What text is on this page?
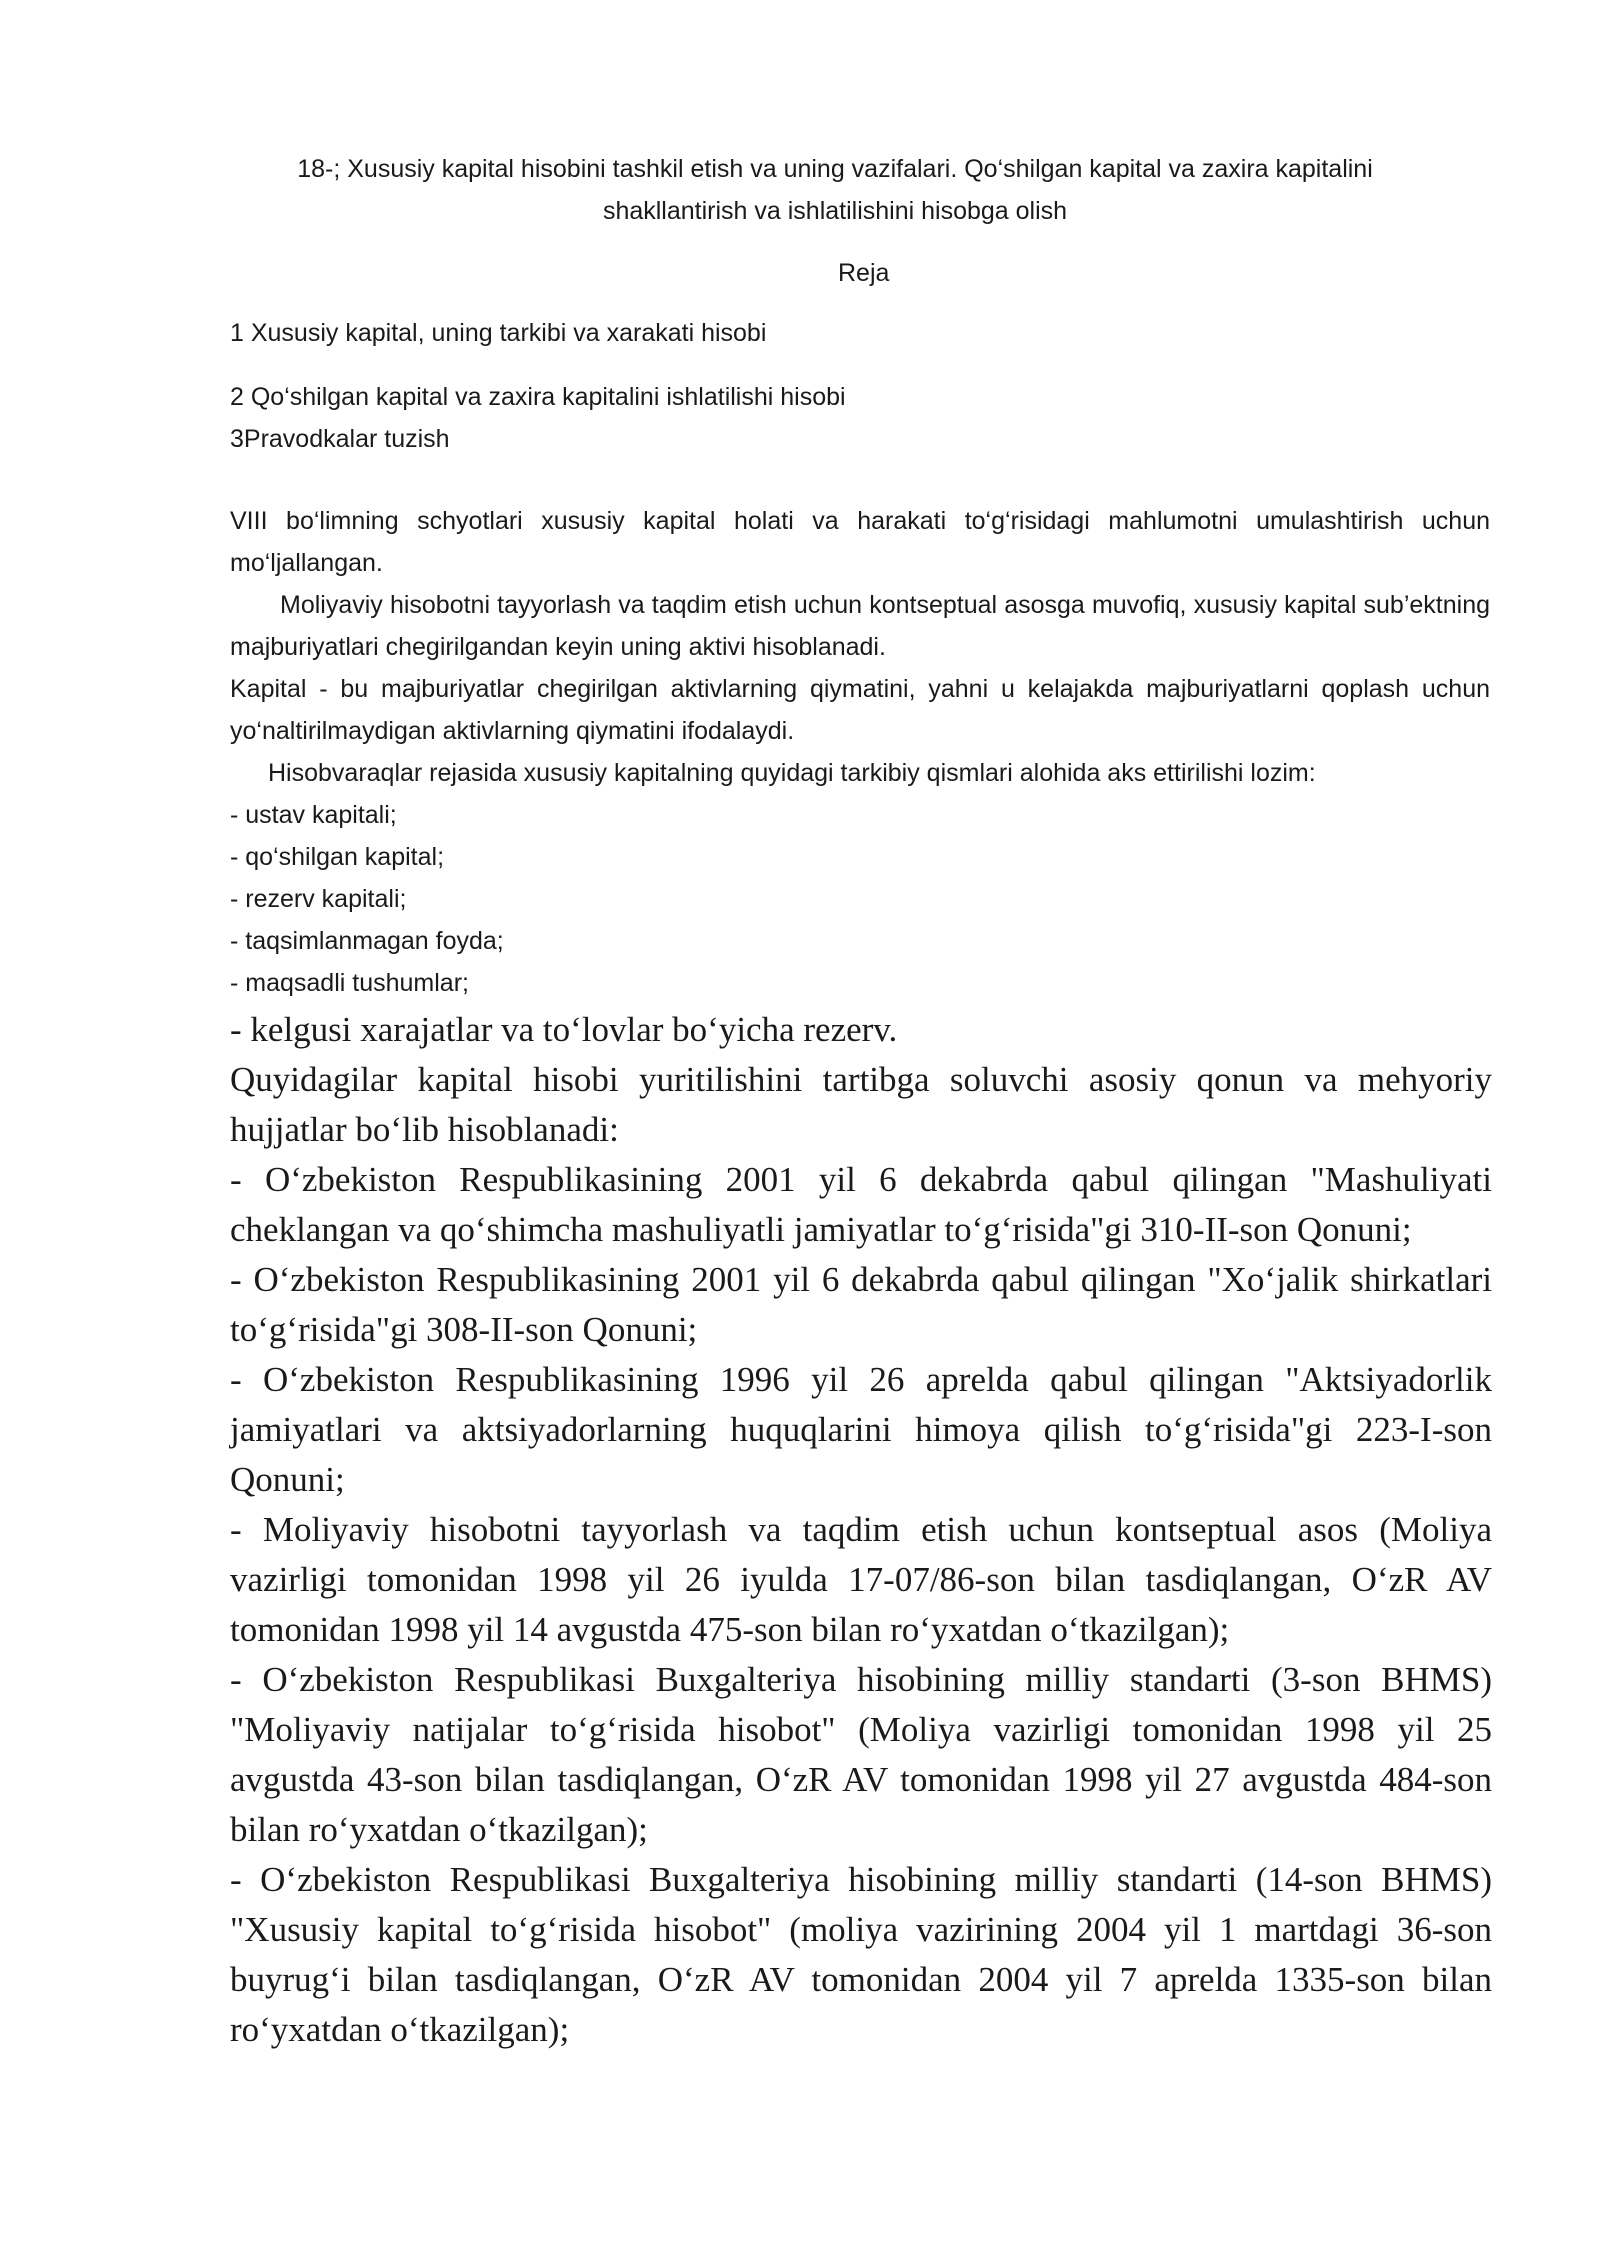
18-; Xususiy kapital hisobini tashkil etish va uning vazifalari. Qo‘shilgan kapital va zaxira kapitalini shakllantirish va ishlatilishini hisobga olish
Reja
1 Xususiy kapital, uning tarkibi va xarakati hisobi
2 Qo‘shilgan kapital va zaxira kapitalini ishlatilishi hisobi
3Pravodkalar tuzish

VIII bo‘limning schyotlari xususiy kapital holati va harakati to‘g‘risidagi mahlumotni umulashtirish uchun mo‘ljallangan.

Moliyaviy hisobotni tayyorlash va taqdim etish uchun kontseptual asosga muvofiq, xususiy kapital sub’ektning majburiyatlari chegirilgandan keyin uning aktivi hisoblanadi.

Kapital - bu majburiyatlar chegirilgan aktivlarning qiymatini, yahni u kelajakda majburiyatlarni qoplash uchun yo‘naltirilmaydigan aktivlarning qiymatini ifodalaydi.

Hisobvaraqlar rejasida xususiy kapitalning quyidagi tarkibiy qismlari alohida aks ettirilishi lozim:

- ustav kapitali;
- qo‘shilgan kapital;
- rezerv kapitali;
- taqsimlanmagan foyda;
- maqsadli tushumlar;

- kelgusi xarajatlar va to‘lovlar bo‘yicha rezerv.

Quyidagilar kapital hisobi yuritilishini tartibga soluvchi asosiy qonun va mehyoriy hujjatlar bo‘lib hisoblanadi:

- O‘zbekiston Respublikasining 2001 yil 6 dekabrda qabul qilingan "Mashuliyati cheklangan va qo‘shimcha mashuliyatli jamiyatlar to‘g‘risida"gi 310-II-son Qonuni;

- O‘zbekiston Respublikasining 2001 yil 6 dekabrda qabul qilingan "Xo‘jalik shirkatlari to‘g‘risida"gi 308-II-son Qonuni;

- O‘zbekiston Respublikasining 1996 yil 26 aprelda qabul qilingan "Aktsiyadorlik jamiyatlari va aktsiyadorlarning huquqlarini himoya qilish to‘g‘risida"gi 223-I-son Qonuni;

- Moliyaviy hisobotni tayyorlash va taqdim etish uchun kontseptual asos (Moliya vazirligi tomonidan 1998 yil 26 iyulda 17-07/86-son bilan tasdiqlangan, O‘zR AV tomonidan 1998 yil 14 avgustda 475-son bilan ro‘yxatdan o‘tkazilgan);

- O‘zbekiston Respublikasi Buxgalteriya hisobining milliy standarti (3-son BHMS) "Moliyaviy natijalar to‘g‘risida hisobot" (Moliya vazirligi tomonidan 1998 yil 25 avgustda 43-son bilan tasdiqlangan, O‘zR AV tomonidan 1998 yil 27 avgustda 484-son bilan ro‘yxatdan o‘tkazilgan);

- O‘zbekiston Respublikasi Buxgalteriya hisobining milliy standarti (14-son BHMS) "Xususiy kapital to‘g‘risida hisobot" (moliya vazirining 2004 yil 1 martdagi 36-son buyrug‘i bilan tasdiqlangan, O‘zR AV tomonidan 2004 yil 7 aprelda 1335-son bilan ro‘yxatdan o‘tkazilgan);
